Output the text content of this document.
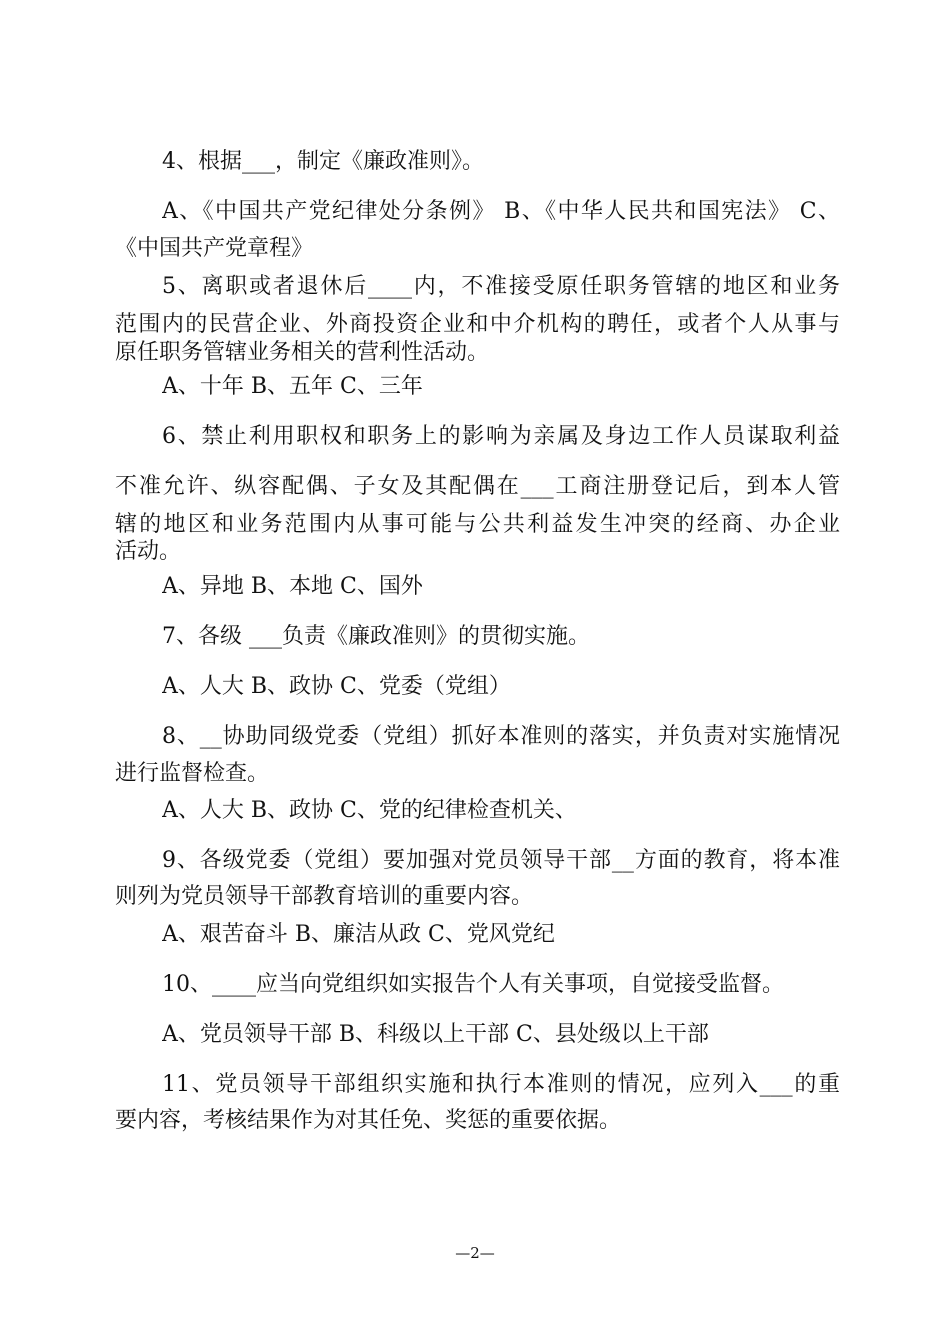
4、根据___，制定《廉政准则》。
A、《中国共产党纪律处分条例》 B、《中华人民共和国宪法》 C、
《中国共产党章程》
5、离职或者退休后____内，不准接受原任职务管辖的地区和业务
范围内的民营企业、外商投资企业和中介机构的聘任，或者个人从事与
原任职务管辖业务相关的营利性活动。
A、十年 B、五年 C、三年
6、禁止利用职权和职务上的影响为亲属及身边工作人员谋取利益
不准允许、纵容配偶、子女及其配偶在___工商注册登记后，到本人管
辖的地区和业务范围内从事可能与公共利益发生冲突的经商、办企业
活动。
A、异地 B、本地 C、国外
7、各级 ___负责《廉政准则》的贯彻实施。
A、人大 B、政协 C、党委（党组）
8、__协助同级党委（党组）抓好本准则的落实，并负责对实施情况
进行监督检查。
A、人大 B、政协 C、党的纪律检查机关、
9、各级党委（党组）要加强对党员领导干部__方面的教育，将本准
则列为党员领导干部教育培训的重要内容。
A、艰苦奋斗 B、廉洁从政 C、党风党纪
10、____应当向党组织如实报告个人有关事项，自觉接受监督。
A、党员领导干部 B、科级以上干部 C、县处级以上干部
11、党员领导干部组织实施和执行本准则的情况，应列入___的重
要内容，考核结果作为对其任免、奖惩的重要依据。
—2—
